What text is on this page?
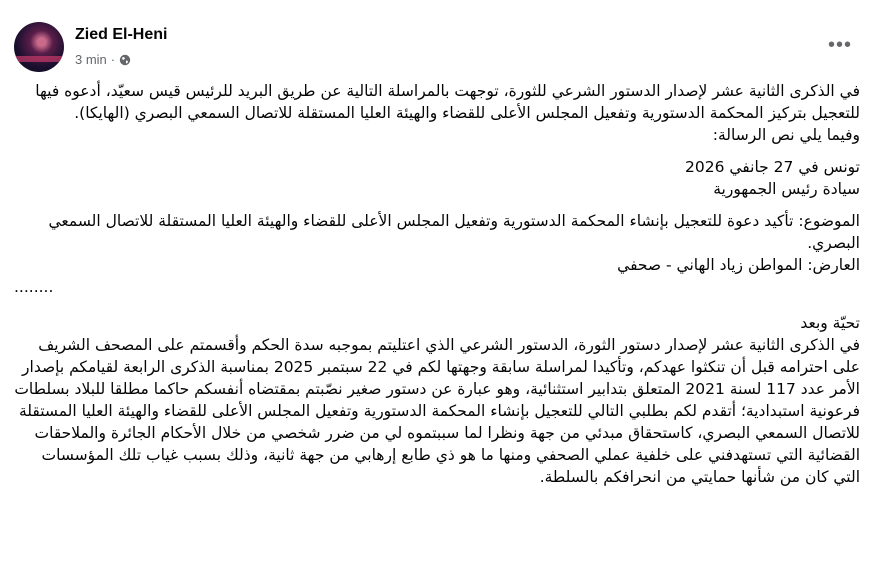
Zied El-Heni
3 min ·
•••

في الذكرى الثانية عشر لإصدار الدستور الشرعي للثورة، توجهت بالمراسلة التالية عن طريق البريد للرئيس قيس سعيّد، أدعوه فيها للتعجيل بتركيز المحكمة الدستورية وتفعيل المجلس الأعلى للقضاء والهيئة العليا المستقلة للاتصال السمعي البصري (الهايكا).

وفيما يلي نص الرسالة:

تونس في 27 جانفي 2026

سيادة رئيس الجمهورية

الموضوع: تأكيد دعوة للتعجيل بإنشاء المحكمة الدستورية وتفعيل المجلس الأعلى للقضاء والهيئة العليا المستقلة للاتصال السمعي البصري.

العارض: المواطن زياد الهاني - صحفي

........

تحيّة وبعد

في الذكرى الثانية عشر لإصدار دستور الثورة، الدستور الشرعي الذي اعتليتم بموجبه سدة الحكم وأقسمتم على المصحف الشريف على احترامه قبل أن تنكثوا عهدكم، وتأكيدا لمراسلة سابقة وجهتها لكم في 22 سبتمبر 2025 بمناسبة الذكرى الرابعة لقيامكم بإصدار الأمر عدد 117 لسنة 2021 المتعلق بتدابير استثنائية، وهو عبارة عن دستور صغير نصّبتم بمقتضاه أنفسكم حاكما مطلقا للبلاد بسلطات فرعونية استبدادية؛ أتقدم لكم بطلبي التالي للتعجيل بإنشاء المحكمة الدستورية وتفعيل المجلس الأعلى للقضاء والهيئة العليا المستقلة للاتصال السمعي البصري، كاستحقاق مبدئي من جهة ونظرا لما سببتموه لي من ضرر شخصي من خلال الأحكام الجائرة والملاحقات القضائية التي تستهدفني على خلفية عملي الصحفي ومنها ما هو ذي طابع إرهابي من جهة ثانية، وذلك بسبب غياب تلك المؤسسات التي كان من شأنها حمايتي من انحرافكم بالسلطة.
